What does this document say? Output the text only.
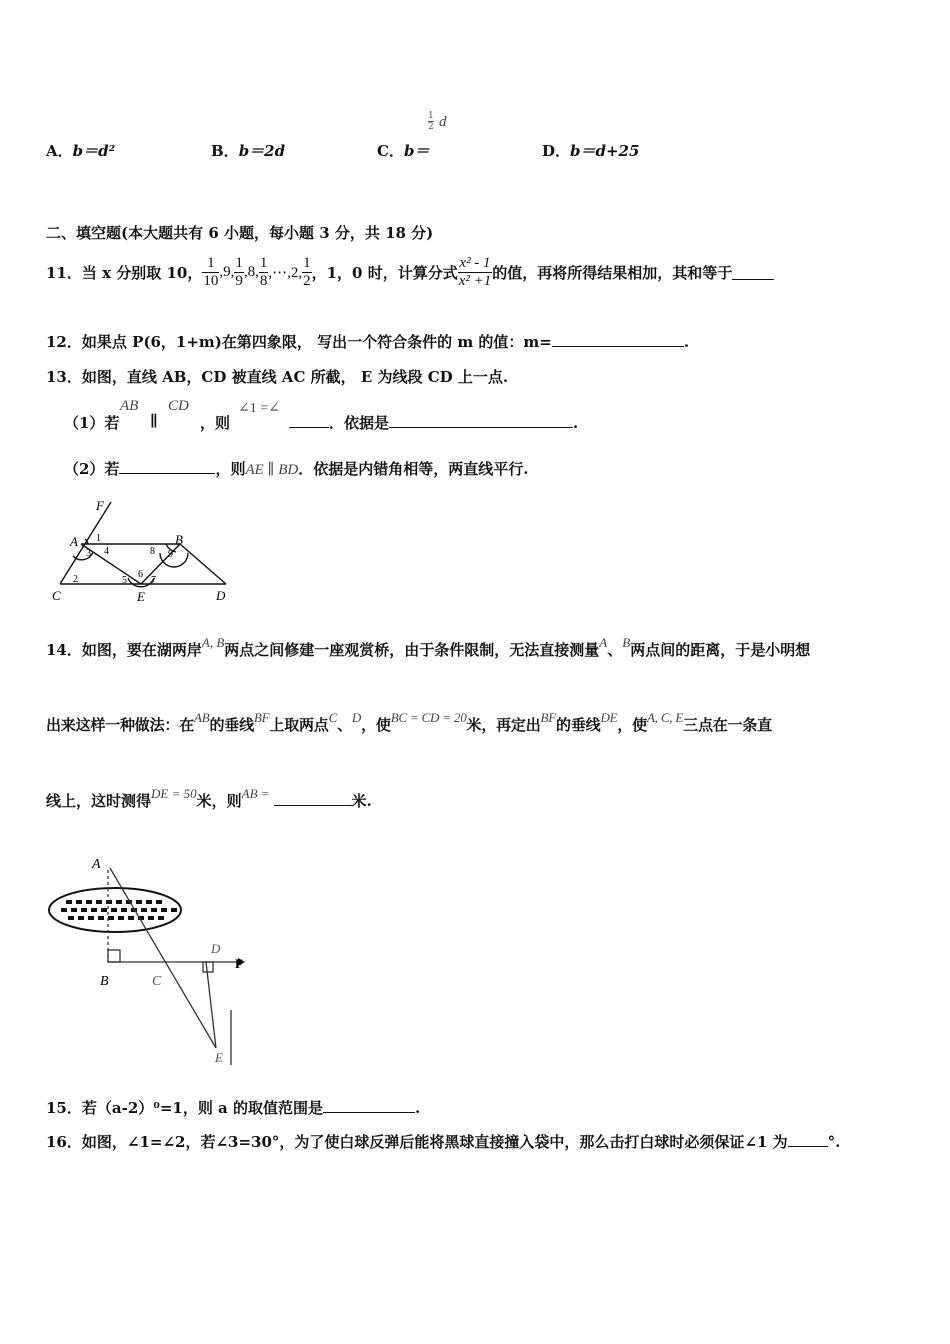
A．b＝d²	B．b＝2d	C．b＝
$\frac{1}{2}$ d
D．b＝d+25
二、填空题(本大题共有 6 小题，每小题 3 分，共 18 分)
11． 当 x 分别取 10， $\frac{1}{10} ,9$, $\frac{1}{9} ,8$, $\frac{1}{8}$ ,⋯,2, $\frac{1}{2}$ ，1，0 时，计算分式 $\frac{\text{x² - 1}}{\text{x² +1}}$ 的值，再将所得结果相加，其和等于
12．如果点 P(6，1+m)在第四象限， 写出一个符合条件的 m 的值：m=	.
13．如图，直线 AB，CD 被直线 AC 所截， E 为线段 CD 上一点.
（1）若
AB
∥
CD
，则
∠1 =∠
．依据是	.
（2）若	，则AE ∥ BD．依据是内错角相等，两直线平行.
F
A	B
C	E	D
1
2
3 4
5
6
7
8 9
14．如图，要在湖两岸A, B两点之间修建一座观赏桥，由于条件限制，无法直接测量A、B两点间的距离，于是小明想
出来这样一种做法：在AB的垂线BF上取两点C、D，使BC = CD = 20米，再定出BF的垂线DE，使A, C, E三点在一条直
线上，这时测得DE = 50米，则AB =	米.
A
B	C
D
E
F
15．若（a-2）⁰=1，则 a 的取值范围是	.
16．如图，∠1=∠2，若∠3=30°，为了使白球反弹后能将黑球直接撞入袋中，那么击打白球时必须保证∠1 为	°.
